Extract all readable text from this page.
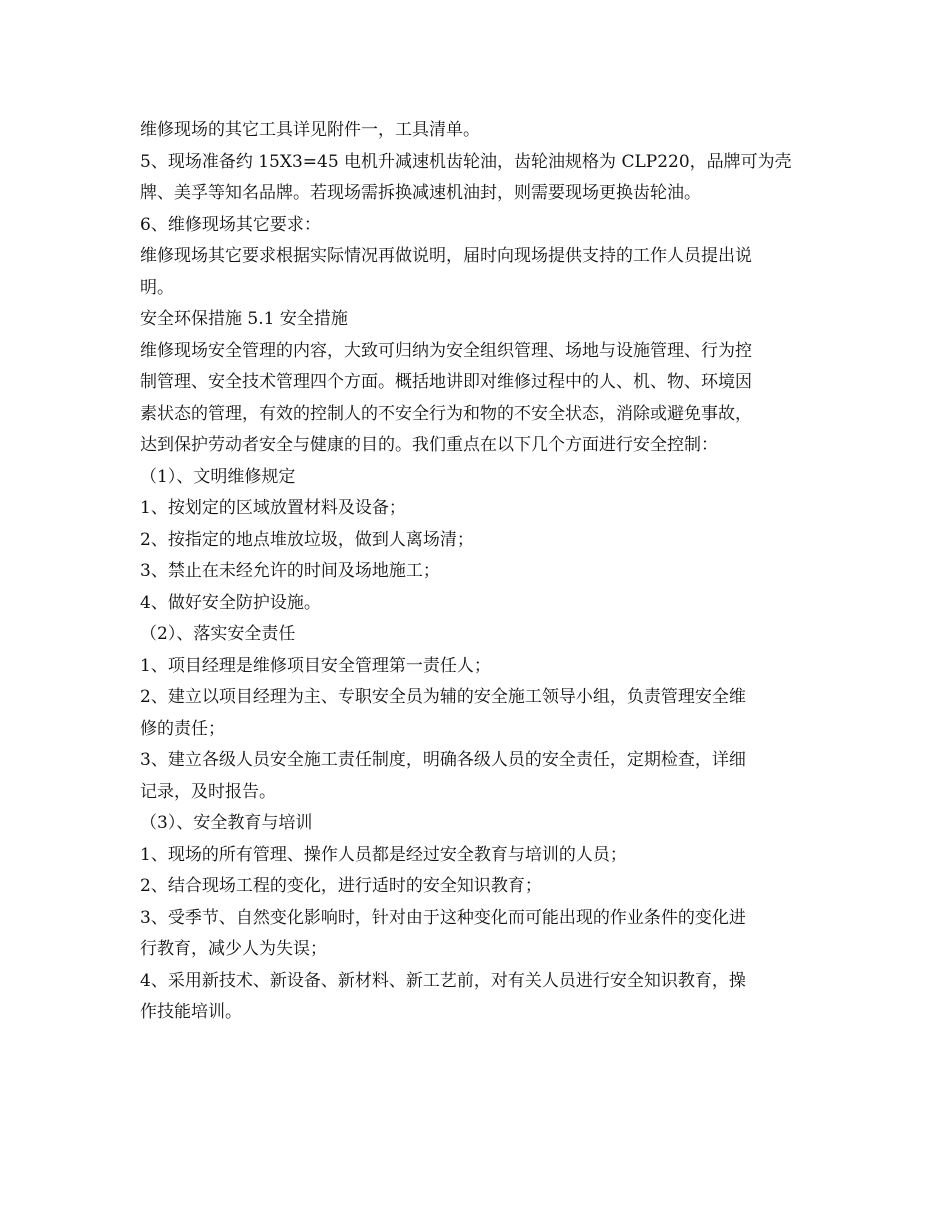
维修现场的其它工具详见附件一，工具清单。
5、现场准备约 15X3=45 电机升减速机齿轮油，齿轮油规格为 CLP220，品牌可为壳
牌、美孚等知名品牌。若现场需拆换减速机油封，则需要现场更换齿轮油。
6、维修现场其它要求：
维修现场其它要求根据实际情况再做说明，届时向现场提供支持的工作人员提出说
明。
安全环保措施 5.1 安全措施
维修现场安全管理的内容，大致可归纳为安全组织管理、场地与设施管理、行为控
制管理、安全技术管理四个方面。概括地讲即对维修过程中的人、机、物、环境因
素状态的管理，有效的控制人的不安全行为和物的不安全状态，消除或避免事故，
达到保护劳动者安全与健康的目的。我们重点在以下几个方面进行安全控制：
（1）、文明维修规定
1、按划定的区域放置材料及设备；
2、按指定的地点堆放垃圾，做到人离场清；
3、禁止在未经允许的时间及场地施工；
4、做好安全防护设施。
（2）、落实安全责任
1、项目经理是维修项目安全管理第一责任人；
2、建立以项目经理为主、专职安全员为辅的安全施工领导小组，负责管理安全维
修的责任；
3、建立各级人员安全施工责任制度，明确各级人员的安全责任，定期检查，详细
记录，及时报告。
（3）、安全教育与培训
1、现场的所有管理、操作人员都是经过安全教育与培训的人员；
2、结合现场工程的变化，进行适时的安全知识教育；
3、受季节、自然变化影响时，针对由于这种变化而可能出现的作业条件的变化进
行教育，减少人为失误；
4、采用新技术、新设备、新材料、新工艺前，对有关人员进行安全知识教育，操
作技能培训。
